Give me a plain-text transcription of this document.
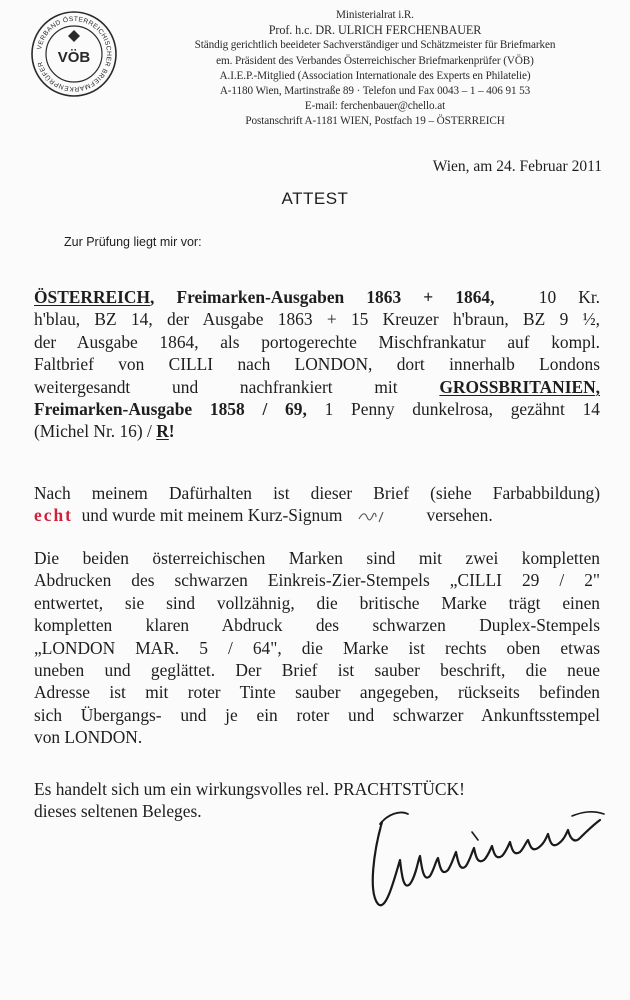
VERBAND ÖSTERREICHISCHER BRIEFMARKENPRÜFER VÖB
Ministerialrat i.R.
Prof. h.c. DR. ULRICH FERCHENBAUER
Ständig gerichtlich beeideter Sachverständiger und Schätzmeister für Briefmarken
em. Präsident des Verbandes Österreichischer Briefmarkenprüfer (VÖB)
A.I.E.P.-Mitglied (Association Internationale des Experts en Philatelie)
A-1180 Wien, Martinstraße 89 · Telefon und Fax 0043 – 1 – 406 91 53
E-mail: ferchenbauer@chello.at
Postanschrift A-1181 WIEN, Postfach 19 – ÖSTERREICH
Wien, am 24. Februar 2011
ATTEST
Zur Prüfung liegt mir vor:
ÖSTERREICH, Freimarken-Ausgaben 1863 + 1864,	10 Kr.
h'blau, BZ 14, der Ausgabe 1863 + 15 Kreuzer h'braun, BZ 9 ½,
der Ausgabe 1864, als portogerechte Mischfrankatur auf kompl.
Faltbrief von CILLI nach LONDON, dort innerhalb Londons
weitergesandt und nachfrankiert mit GROSSBRITANIEN,
Freimarken-Ausgabe 1858 / 69, 1 Penny dunkelrosa, gezähnt 14
(Michel Nr. 16) / R!
Nach meinem Dafürhalten ist dieser Brief (siehe Farbabbildung)
echt und wurde mit meinem Kurz-Signum	versehen.
Die beiden österreichischen Marken sind mit zwei kompletten
Abdrucken des schwarzen Einkreis-Zier-Stempels „CILLI 29 / 2"
entwertet, sie sind vollzähnig, die britische Marke trägt einen
kompletten klaren Abdruck des schwarzen Duplex-Stempels
„LONDON MAR. 5 / 64", die Marke ist rechts oben etwas
uneben und geglättet. Der Brief ist sauber beschrift, die neue
Adresse ist mit roter Tinte sauber angegeben, rückseits befinden
sich Übergangs- und je ein roter und schwarzer Ankunftsstempel
von LONDON.
Es handelt sich um ein wirkungsvolles rel. PRACHTSTÜCK!
dieses seltenen Beleges.
